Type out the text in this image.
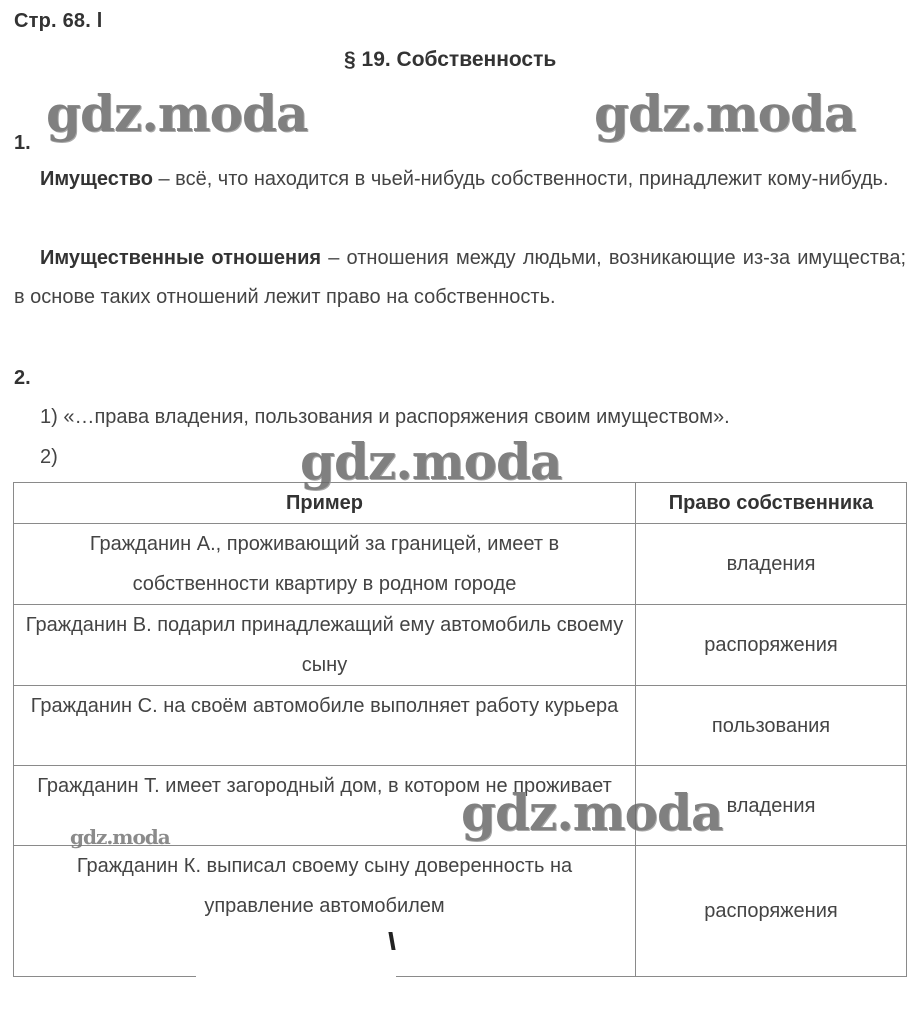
Стр. 68. l
§ 19. Собственность
gdz.moda	gdz.moda
1.
Имущество – всё, что находится в чьей-нибудь собственности, принадлежит кому-нибудь.
Имущественные отношения – отношения между людьми, возникающие из-за имущества; в основе таких отношений лежит право на собственность.
2.
1) «…права владения, пользования и распоряжения своим имуществом».
2)
Пример	Право собственника
Гражданин А., проживающий за границей, имеет в собственности квартиру в родном городе	владения
Гражданин В. подарил принадлежащий ему автомобиль своему сыну	распоряжения
Гражданин С. на своём автомобиле выполняет работу курьера	пользования
Гражданин Т. имеет загородный дом, в котором не проживает	владения
Гражданин К. выписал своему сыну доверенность на управление автомобилем	распоряжения
gdz.moda
gdz.moda
gdz.moda
